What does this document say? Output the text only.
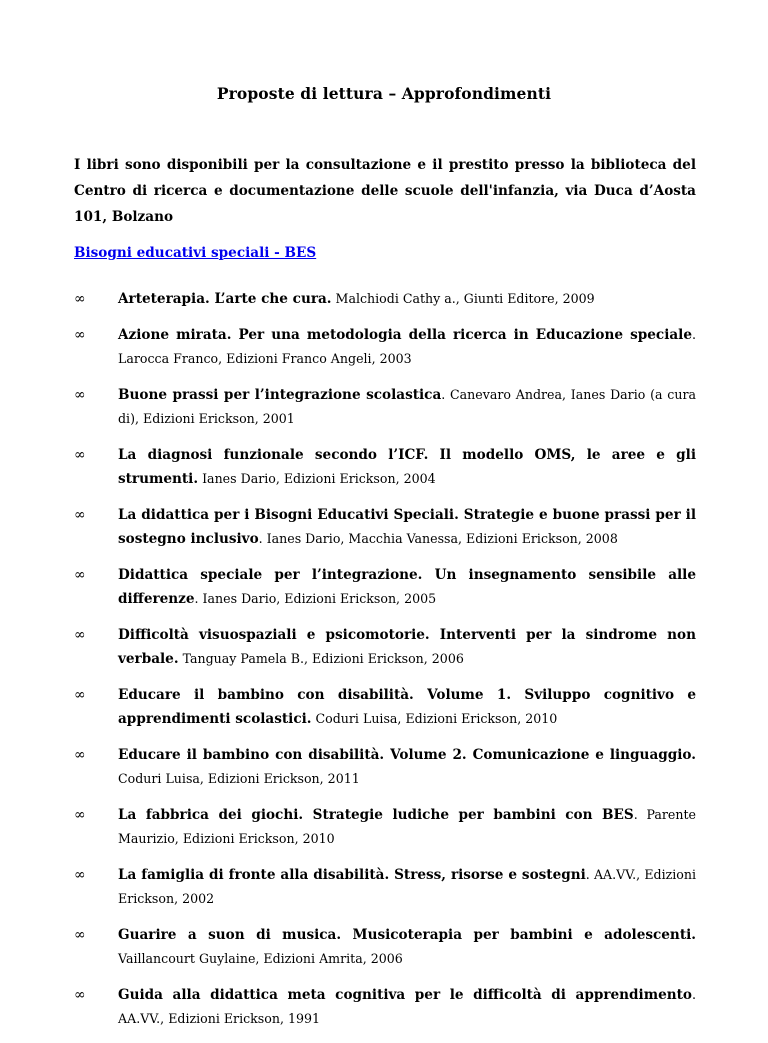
Proposte di lettura – Approfondimenti
I libri sono disponibili per la consultazione e il prestito presso la biblioteca del Centro di ricerca e documentazione delle scuole dell'infanzia, via Duca d’Aosta 101, Bolzano
Bisogni educativi speciali - BES
∞	Arteterapia. L’arte che cura. Malchiodi Cathy a., Giunti Editore, 2009
∞	Azione mirata. Per una metodologia della ricerca in Educazione speciale. Larocca Franco, Edizioni Franco Angeli, 2003
∞	Buone prassi per l’integrazione scolastica. Canevaro Andrea, Ianes Dario (a cura di), Edizioni Erickson, 2001
∞	La diagnosi funzionale secondo l’ICF. Il modello OMS, le aree e gli strumenti. Ianes Dario, Edizioni Erickson, 2004
∞	La didattica per i Bisogni Educativi Speciali. Strategie e buone prassi per il sostegno inclusivo. Ianes Dario, Macchia Vanessa, Edizioni Erickson, 2008
∞	Didattica speciale per l’integrazione. Un insegnamento sensibile alle differenze. Ianes Dario, Edizioni Erickson, 2005
∞	Difficoltà visuospaziali e psicomotorie. Interventi per la sindrome non verbale. Tanguay Pamela B., Edizioni Erickson, 2006
∞	Educare il bambino con disabilità. Volume 1. Sviluppo cognitivo e apprendimenti scolastici. Coduri Luisa, Edizioni Erickson, 2010
∞	Educare il bambino con disabilità. Volume 2. Comunicazione e linguaggio. Coduri Luisa, Edizioni Erickson, 2011
∞	La fabbrica dei giochi. Strategie ludiche per bambini con BES. Parente Maurizio, Edizioni Erickson, 2010
∞	La famiglia di fronte alla disabilità. Stress, risorse e sostegni. AA.VV., Edizioni Erickson, 2002
∞	Guarire a suon di musica. Musicoterapia per bambini e adolescenti. Vaillancourt Guylaine, Edizioni Amrita, 2006
∞	Guida alla didattica meta cognitiva per le difficoltà di apprendimento. AA.VV., Edizioni Erickson, 1991
